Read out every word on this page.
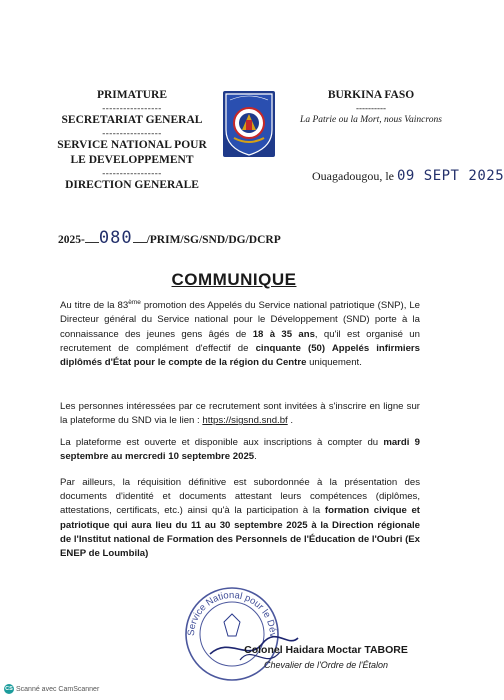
PRIMATURE
-----------------
SECRETARIAT GENERAL
-----------------
SERVICE NATIONAL POUR
LE DEVELOPPEMENT
-----------------
DIRECTION GENERALE
BURKINA FASO
----------
La Patrie ou la Mort, nous Vaincrons
Ouagadougou, le 09 SEPT 2025
2025- 080 /PRIM/SG/SND/DG/DCRP
COMMUNIQUE
Au titre de la 83ème promotion des Appelés du Service national patriotique (SNP), Le Directeur général du Service national pour le Développement (SND) porte à la connaissance des jeunes gens âgés de 18 à 35 ans, qu'il est organisé un recrutement de complément d'effectif de cinquante (50) Appelés infirmiers diplômés d'État pour le compte de la région du Centre uniquement.
Les personnes intéressées par ce recrutement sont invitées à s'inscrire en ligne sur la plateforme du SND via le lien : https://sigsnd.snd.bf .
La plateforme est ouverte et disponible aux inscriptions à compter du mardi 9 septembre au mercredi 10 septembre 2025.
Par ailleurs, la réquisition définitive est subordonnée à la présentation des documents d'identité et documents attestant leurs compétences (diplômes, attestations, certificats, etc.) ainsi qu'à la participation à la formation civique et patriotique qui aura lieu du 11 au 30 septembre 2025 à la Direction régionale de l'Institut national de Formation des Personnels de l'Éducation de l'Oubri (Ex ENEP de Loumbila)
Service National pour le Dév
Colonel Haidara Moctar TABORE
Chevalier de l'Ordre de l'Étalon
CS Scanné avec CamScanner
